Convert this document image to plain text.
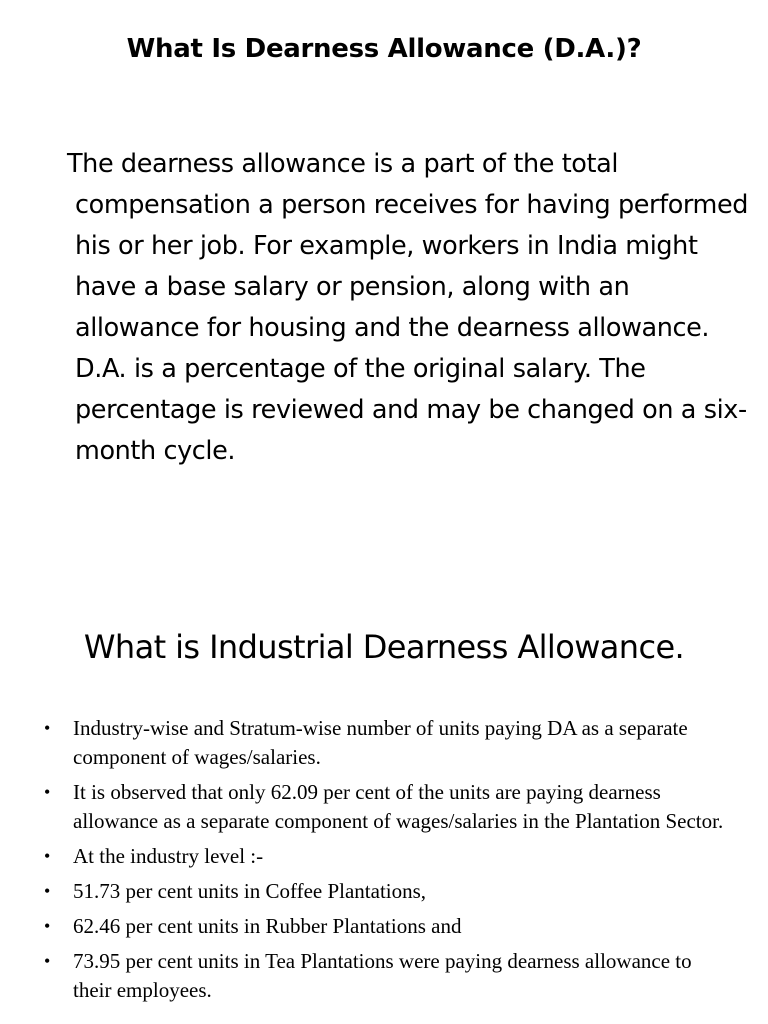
What Is Dearness Allowance (D.A.)?

The dearness allowance is a part of the total compensation a person receives for having performed his or her job. For example, workers in India might have a base salary or pension, along with an allowance for housing and the dearness allowance. D.A. is a percentage of the original salary. The percentage is reviewed and may be changed on a six-month cycle.

What is Industrial Dearness Allowance.
• Industry-wise and Stratum-wise number of units paying DA as a separate component of wages/salaries.
• It is observed that only 62.09 per cent of the units are paying dearness allowance as a separate component of wages/salaries in the Plantation Sector.
• At the industry level :-
• 51.73 per cent units in Coffee Plantations,
• 62.46 per cent units in Rubber Plantations and
• 73.95 per cent units in Tea Plantations were paying dearness allowance to their employees.
